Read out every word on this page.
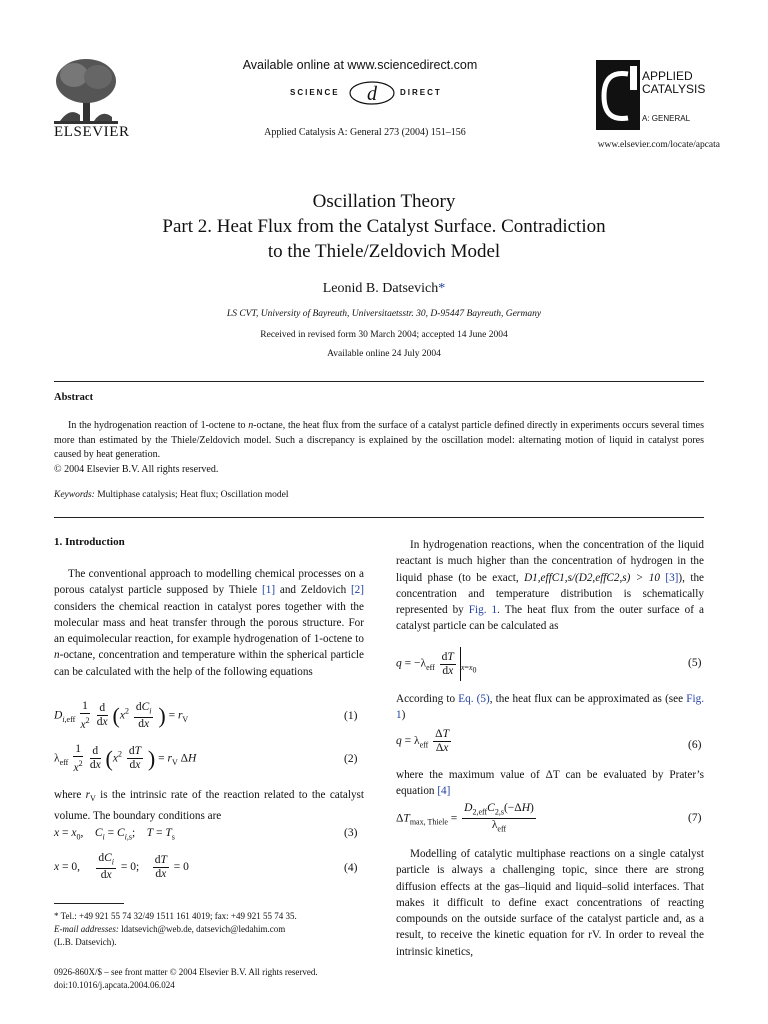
ELSEVIER
Available online at www.sciencedirect.com
SCIENCE d	DIRECT
Applied Catalysis A: General 273 (2004) 151–156
APPLIED
CATALYSIS
A: GENERAL
www.elsevier.com/locate/apcata
Oscillation Theory
Part 2. Heat Flux from the Catalyst Surface. Contradiction
to the Thiele/Zeldovich Model
Leonid B. Datsevich*
LS CVT, University of Bayreuth, Universitaetsstr. 30, D-95447 Bayreuth, Germany
Received in revised form 30 March 2004; accepted 14 June 2004
Available online 24 July 2004
Abstract

In the hydrogenation reaction of 1-octene to n-octane, the heat flux from the surface of a catalyst particle defined directly in experiments occurs several times more than estimated by the Thiele/Zeldovich model. Such a discrepancy is explained by the oscillation model: alternating motion of liquid in catalyst pores caused by heat generation.

© 2004 Elsevier B.V. All rights reserved.

Keywords: Multiphase catalysis; Heat flux; Oscillation model
1. Introduction

The conventional approach to modelling chemical processes on a porous catalyst particle supposed by Thiele [1] and Zeldovich [2] considers the chemical reaction in catalyst pores together with the molecular mass and heat transfer through the porous structure. For an equimolecular reaction, for example hydrogenation of 1-octene to n-octane, concentration and temperature within the spherical particle can be calculated with the help of the following equations

$D_{i,eff} \frac{1}{x^2}$
$\frac{d}{dx} (x^2 \frac{dC_i}{dx}$ ) = $r_V$	(1)
$\lambda_{eff} \frac{1}{x^2}$
$\frac{d}{dx} (x^2 \frac{dT}{dx}$ ) = $r_V$ ΔH	(2)

where $r_V$ is the intrinsic rate of the reaction related to the catalyst volume. The boundary conditions are

$x = x_0$,    $C_i = C_{i,s}$;    $T = T_s$	(3)
x = 0, $\frac{dC_i}{dx} = 0$; $\frac{dT}{dx} = 0$	(4)
* Tel.: +49 921 55 74 32/49 1511 161 4019; fax: +49 921 55 74 35.
E-mail addresses: ldatsevich@web.de, datsevich@ledahim.com
(L.B. Datsevich).
0926-860X/$ – see front matter © 2004 Elsevier B.V. All rights reserved.
doi:10.1016/j.apcata.2004.06.024

In hydrogenation reactions, when the concentration of the liquid reactant is much higher than the concentration of hydrogen in the liquid phase (to be exact, D1,effC1,s/(D2,effC2,s) > 10 [3]), the concentration and temperature distribution is schematically represented by Fig. 1. The heat flux from the outer surface of a catalyst particle can be calculated as

$q = -\lambda_{eff} \frac{dT}{dx} _{x=x_0}$
(5)

According to Eq. (5), the heat flux can be approximated as (see Fig. 1)

$q = \lambda_{eff} \frac{\Delta T}{\Delta x}$	(6)

where the maximum value of ΔT can be evaluated by Prater’s equation [4]

$\Delta T_{max, Thiele} = \frac{D_{2,eff}C_{2,s}(-\Delta H)}{\lambda_{eff}}$	(7)

Modelling of catalytic multiphase reactions on a single catalyst particle is always a challenging topic, since there are strong diffusion effects at the gas–liquid and liquid–solid interfaces. That makes it difficult to define exact concentrations of reacting compounds on the outside surface of the catalyst particle and, as a result, to receive the kinetic equation for rV. In order to reveal the intrinsic kinetics,
